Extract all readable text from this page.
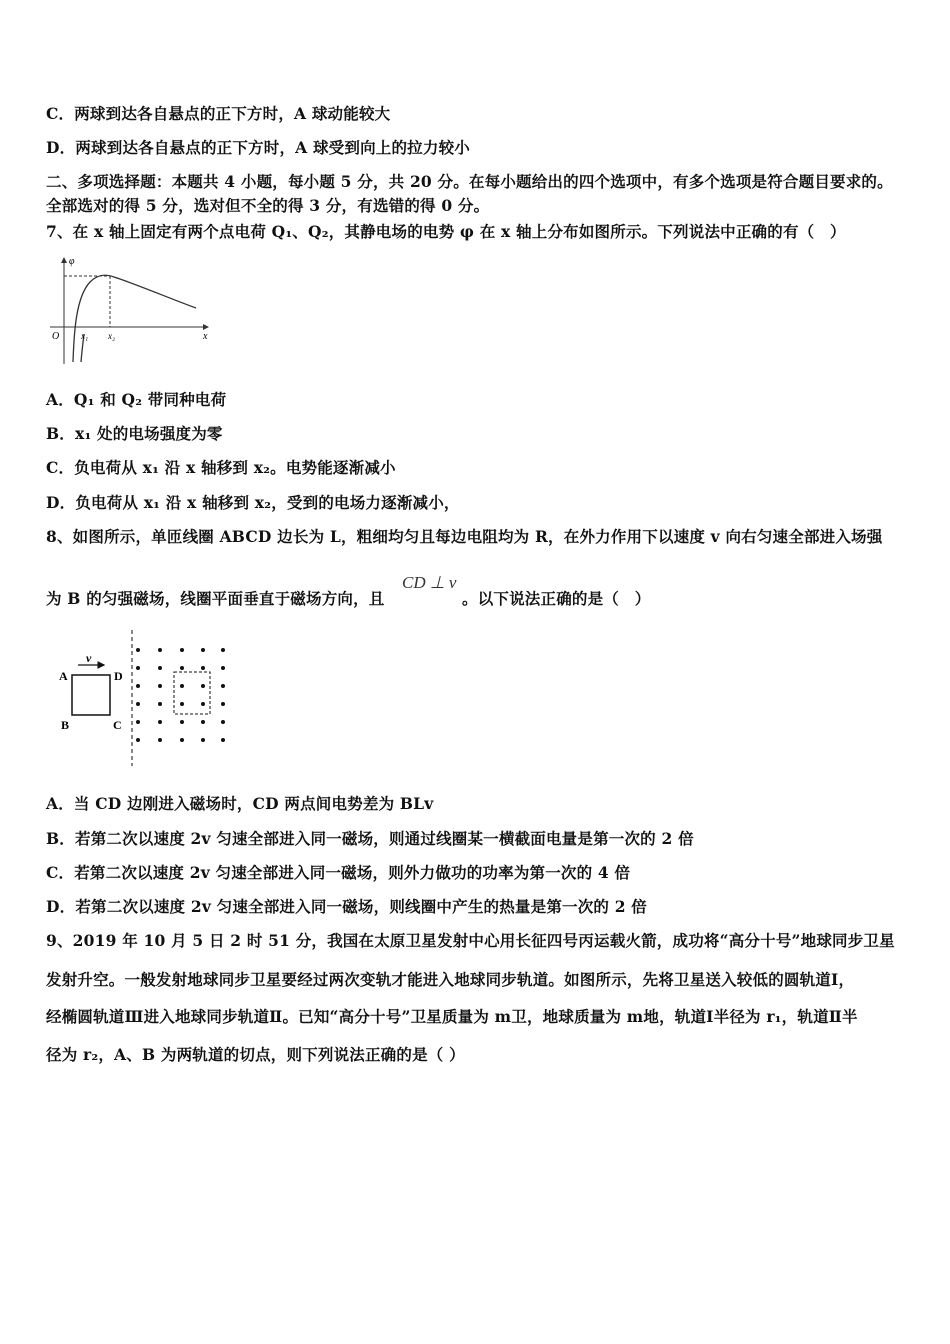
C．两球到达各自悬点的正下方时，A 球动能较大
D．两球到达各自悬点的正下方时，A 球受到向上的拉力较小
二、多项选择题：本题共 4 小题，每小题 5 分，共 20 分。在每小题给出的四个选项中，有多个选项是符合题目要求的。全部选对的得 5 分，选对但不全的得 3 分，有选错的得 0 分。
7、在 x 轴上固定有两个点电荷 Q₁、Q₂，其静电场的电势 φ 在 x 轴上分布如图所示。下列说法中正确的有（　）
φ
x
O x₁ x₂
A．Q₁ 和 Q₂ 带同种电荷
B．x₁ 处的电场强度为零
C．负电荷从 x₁ 沿 x 轴移到 x₂。电势能逐渐减小
D．负电荷从 x₁ 沿 x 轴移到 x₂，受到的电场力逐渐减小，
8、如图所示，单匝线圈 ABCD 边长为 L，粗细均匀且每边电阻均为 R，在外力作用下以速度 v 向右匀速全部进入场强
为 B 的匀强磁场，线圈平面垂直于磁场方向，且
CD ⊥ v
。以下说法正确的是（　）
v
A
B	C
D
A．当 CD 边刚进入磁场时，CD 两点间电势差为 BLv
B．若第二次以速度 2v 匀速全部进入同一磁场，则通过线圈某一横截面电量是第一次的 2 倍
C．若第二次以速度 2v 匀速全部进入同一磁场，则外力做功的功率为第一次的 4 倍
D．若第二次以速度 2v 匀速全部进入同一磁场，则线圈中产生的热量是第一次的 2 倍
9、2019 年 10 月 5 日 2 时 51 分，我国在太原卫星发射中心用长征四号丙运载火箭，成功将“高分十号”地球同步卫星
发射升空。一般发射地球同步卫星要经过两次变轨才能进入地球同步轨道。如图所示，先将卫星送入较低的圆轨道Ⅰ，
经椭圆轨道Ⅲ进入地球同步轨道Ⅱ。已知“高分十号”卫星质量为 m卫，地球质量为 m地，轨道Ⅰ半径为 r₁，轨道Ⅱ半
径为 r₂，A、B 为两轨道的切点，则下列说法正确的是（ ）
